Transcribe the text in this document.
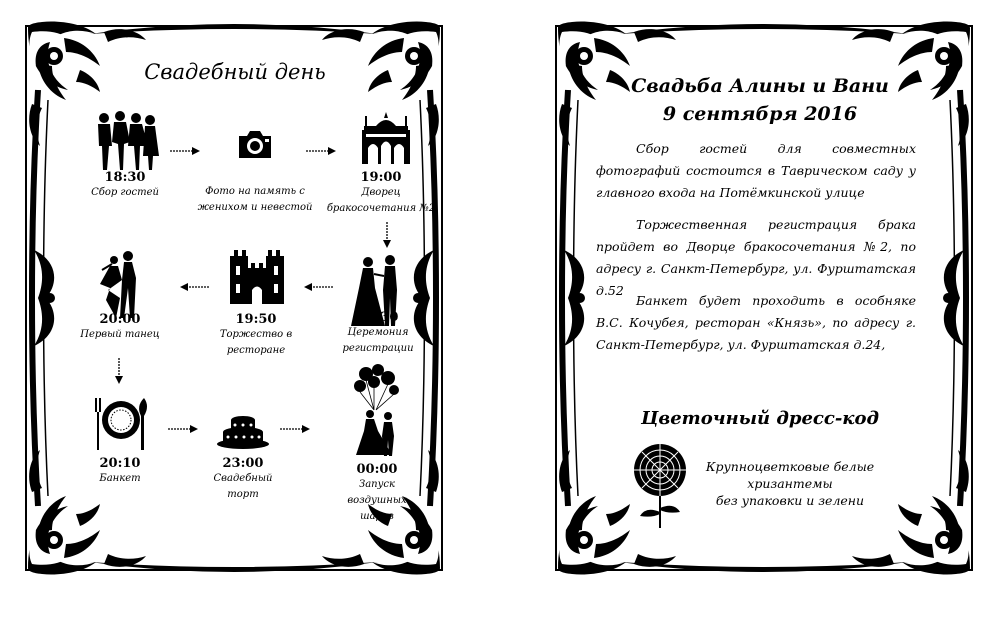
Свадебный день
18:30
Сбор гостей	Фото на память с женихом и невестой
19:00
Дворец бракосочетания №2
19:30
Церемония регистрации
19:50
Торжество в ресторане
20:00
Первый танец
20:10
Банкет
23:00
Свадебный торт
00:00
Запуск воздушных шаров
Свадьба Алины и Вани
9 сентября 2016
Сбор гостей для совместных фотографий состоится в Таврическом саду у главного входа на Потёмкинской улице
Торжественная регистрация брака пройдет во Дворце бракосочетания №2, по адресу г. Санкт-Петербург, ул. Фурштатская д.52
Банкет будет проходить в особняке В.С. Кочубея, ресторан «Князь», по адресу г. Санкт-Петербург, ул. Фурштатская д.24,
Цветочный дресс-код
Крупноцветковые белые
хризантемы
без упаковки и зелени
